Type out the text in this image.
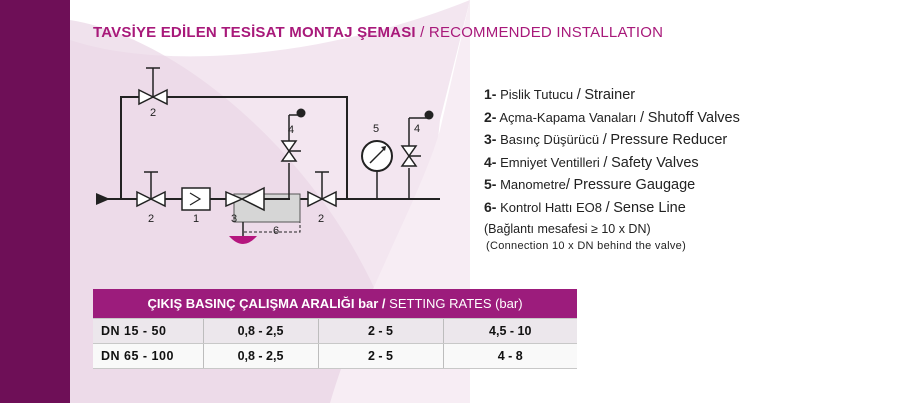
TAVSİYE EDİLEN TESİSAT MONTAJ ŞEMASI / RECOMMENDED INSTALLATION
2
2	1	3
6
2
4	5	4
1- Pislik Tutucu / Strainer
2- Açma-Kapama Vanaları / Shutoff Valves
3- Basınç Düşürücü / Pressure Reducer
4- Emniyet Ventilleri / Safety Valves
5- Manometre/ Pressure Gaugage
6- Kontrol Hattı EO8 / Sense Line
(Bağlantı mesafesi ≥ 10 x DN)
(Connection 10 x DN behind the valve)
ÇIKIŞ BASINÇ ÇALIŞMA ARALIĞI bar / SETTING RATES (bar)			
DN 15 - 50	0,8 - 2,5	2 - 5	4,5 - 10
DN 65 - 100	0,8 - 2,5	2 - 5	4 - 8
